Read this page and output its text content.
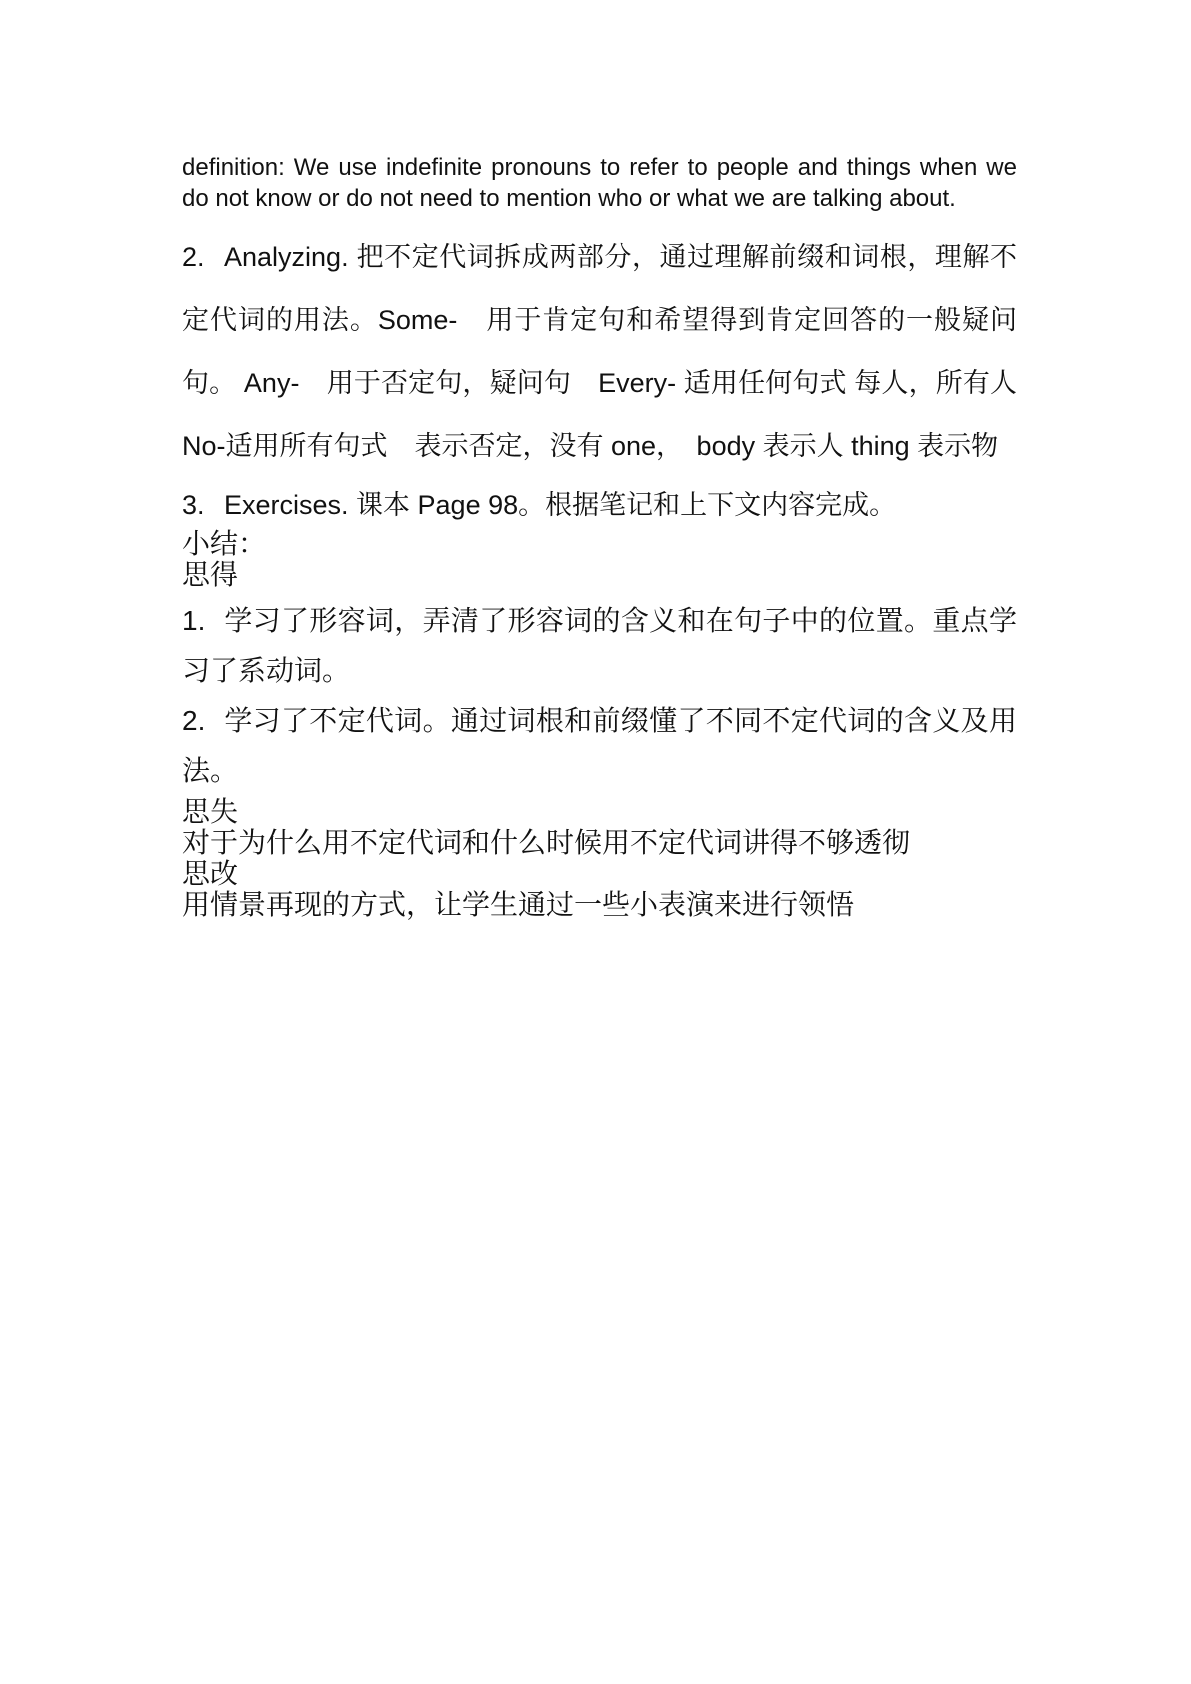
definition: We use indefinite pronouns to refer to people and things when we do not know or do not need to mention who or what we are talking about.

2. Analyzing. 把不定代词拆成两部分，通过理解前缀和词根，理解不定代词的用法。Some-　用于肯定句和希望得到肯定回答的一般疑问句。 Any-　用于否定句，疑问句　Every- 适用任何句式 每人，所有人 No-适用所有句式　表示否定，没有 one，　body 表示人 thing 表示物

3. Exercises. 课本 Page 98。根据笔记和上下文内容完成。

小结：

思得

1. 学习了形容词，弄清了形容词的含义和在句子中的位置。重点学习了系动词。

2. 学习了不定代词。通过词根和前缀懂了不同不定代词的含义及用法。

思失

对于为什么用不定代词和什么时候用不定代词讲得不够透彻

思改

用情景再现的方式，让学生通过一些小表演来进行领悟
